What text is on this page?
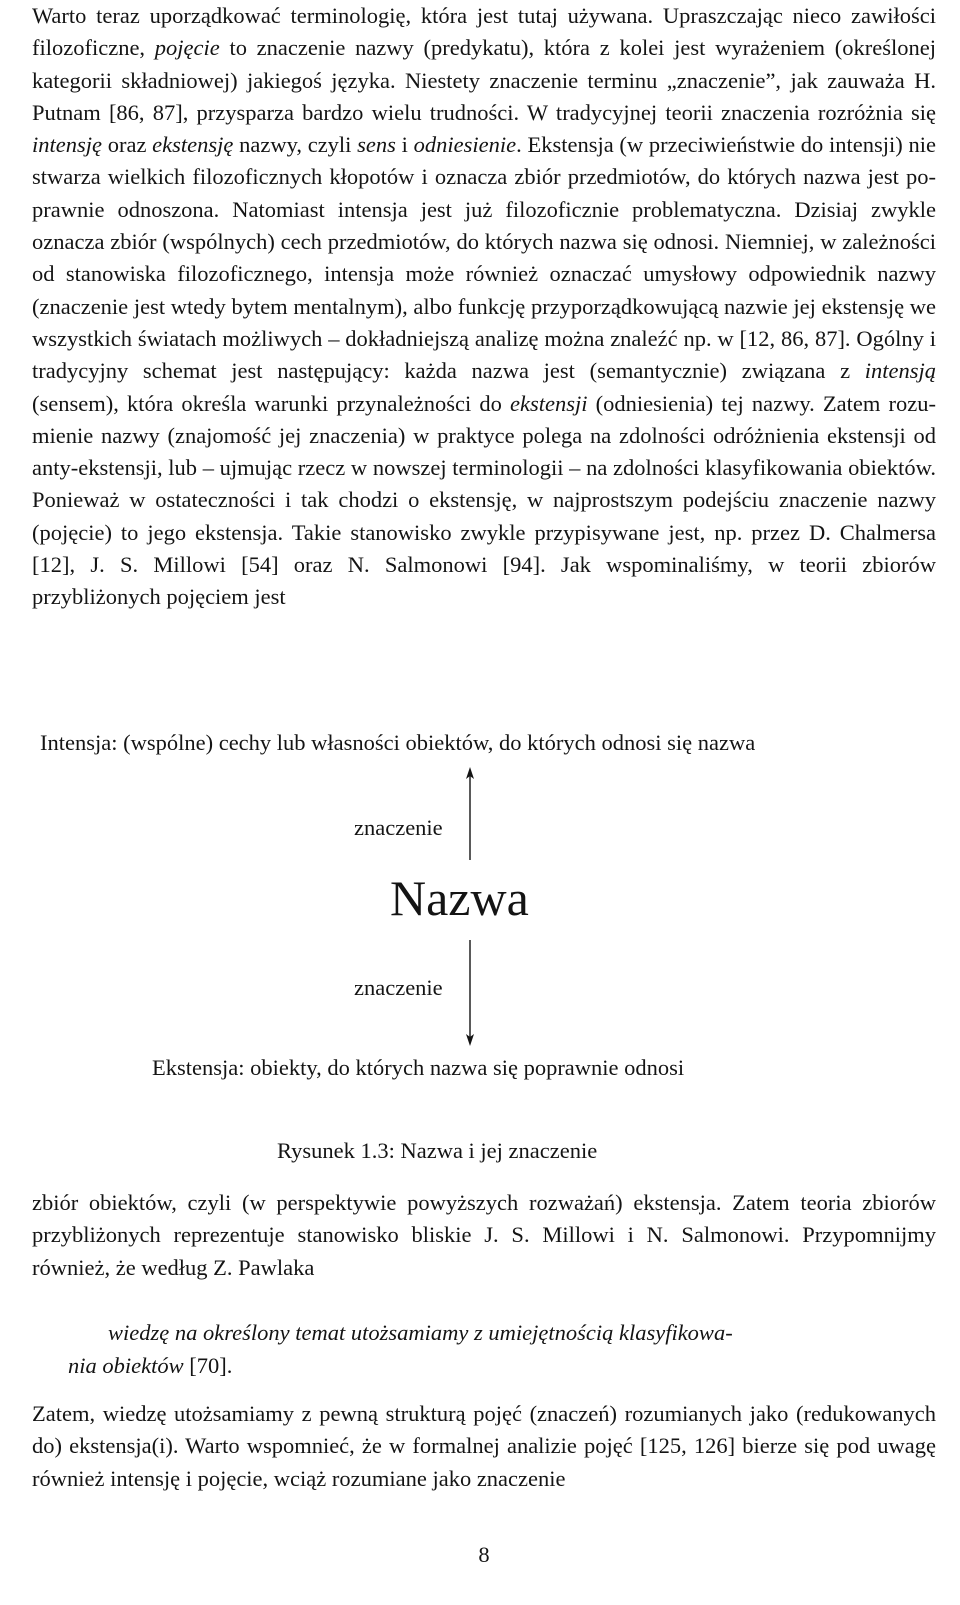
Warto teraz uporządkować terminologię, która jest tutaj używana. Upraszczając nieco zawiłości filozoficzne, pojęcie to znaczenie nazwy (predykatu), która z kolei jest wyrażeniem (określonej kategorii składniowej) jakiegoś języka. Niestety znaczenie terminu „znaczenie”, jak zauważa H. Putnam [86, 87], przysparza bardzo wielu trudności. W tradycyjnej teorii znaczenia rozróżnia się intensję oraz ekstensję nazwy, czyli sens i odniesienie. Ekstensja (w przeciwieństwie do intensji) nie stwarza wielkich filozoficznych kłopotów i oznacza zbiór przedmiotów, do których nazwa jest poprawnie odnoszona. Natomiast intensja jest już filozoficznie problematyczna. Dzisiaj zwykle oznacza zbiór (wspólnych) cech przedmiotów, do których nazwa się odnosi. Niemniej, w zależności od stanowiska filozoficznego, intensja może również oznaczać umysłowy odpowiednik nazwy (znaczenie jest wtedy bytem mentalnym), albo funkcję przyporządkowującą nazwie jej ekstensję we wszystkich światach możliwych – dokładniejszą analizę można znaleźć np. w [12, 86, 87]. Ogólny i tradycyjny schemat jest następujący: każda nazwa jest (semantycznie) związana z intensją (sensem), która określa warunki przynależności do ekstensji (odniesienia) tej nazwy. Zatem rozumienie nazwy (znajomość jej znaczenia) w praktyce polega na zdolności odróżnienia ekstensji od anty-ekstensji, lub – ujmując rzecz w nowszej terminologii – na zdolności klasyfikowania obiektów. Ponieważ w ostateczności i tak chodzi o ekstensję, w najprostszym podejściu znaczenie nazwy (pojęcie) to jego ekstensja. Takie stanowisko zwykle przypisywane jest, np. przez D. Chalmersa [12], J. S. Millowi [54] oraz N. Salmonowi [94]. Jak wspominaliśmy, w teorii zbiorów przybliżonych pojęciem jest

Intensja: (wspólne) cechy lub własności obiektów, do których odnosi się nazwa
znaczenie
Nazwa
znaczenie
Ekstensja: obiekty, do których nazwa się poprawnie odnosi
Rysunek 1.3: Nazwa i jej znaczenie

zbiór obiektów, czyli (w perspektywie powyższych rozważań) ekstensja. Zatem teoria zbiorów przybliżonych reprezentuje stanowisko bliskie J. S. Millowi i N. Salmonowi. Przypomnijmy również, że według Z. Pawlaka

wiedzę na określony temat utożsamiamy z umiejętnością klasyfikowa-
nia obiektów [70].

Zatem, wiedzę utożsamiamy z pewną strukturą pojęć (znaczeń) rozumianych jako (redukowanych do) ekstensja(i). Warto wspomnieć, że w formalnej analizie pojęć [125, 126] bierze się pod uwagę również intensję i pojęcie, wciąż rozumiane jako znaczenie

8
